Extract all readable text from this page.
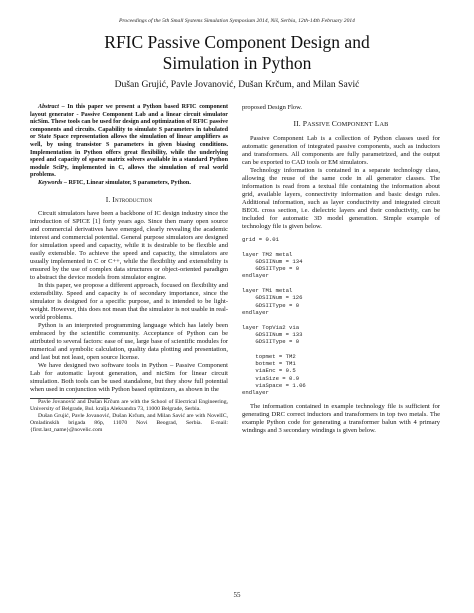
Proceedings of the 5th Small Systems Simulation Symposium 2014, Niš, Serbia, 12th-14th February 2014
RFIC Passive Component Design and
Simulation in Python
Dušan Grujić, Pavle Jovanović, Dušan Krčum, and Milan Savić

Abstract – In this paper we present a Python based RFIC component layout generator - Passive Component Lab and a linear circuit simulator nicSim. These tools can be used for design and optimization of RFIC passive components and circuits. Capability to simulate S parameters in tabulated or State Space representation allows the simulation of linear amplifiers as well, by using transistor S parameters in given biasing conditions. Implementation in Python offers great flexibility, while the underlying speed and capacity of sparse matrix solvers available in a standard Python module SciPy, implemented in C, allows the simulation of real world problems.

Keywords – RFIC, Linear simulator, S parameters, Python.

I. Introduction

Circuit simulators have been a backbone of IC design industry since the introduction of SPICE [1] forty years ago. Since then many open source and commercial derivatives have emerged, clearly revealing the academic interest and commercial potential. General purpose simulators are designed for simulation speed and capacity, while it is desirable to be flexible and easily extensible. To achieve the speed and capacity, the simulators are usually implemented in C or C++, while the flexibility and extensibility is ensured by the use of complex data structures or object-oriented paradigm to abstract the device models from simulator engine.

In this paper, we propose a different approach, focused on flexibility and extensibility. Speed and capacity is of secondary importance, since the simulator is designed for a specific purpose, and is intended to be light-weight. However, this does not mean that the simulator is not usable in real-world problems.

Python is an interpreted programming language which has lately been embraced by the scientific community. Acceptance of Python can be attributed to several factors: ease of use, large base of scientific modules for numerical and symbolic calculation, quality data plotting and presentation, and last but not least, open source license.

We have designed two software tools in Python – Passive Component Lab for automatic layout generation, and nicSim for linear circuit simulation. Both tools can be used standalone, but they show full potential when used in conjunction with Python based optimizers, as shown in the

Pavle Jovanović and Dušan Krčum are with the School of Electrical Engineering, University of Belgrade, Bul. kralja Aleksandra 73, 11000 Belgrade, Serbia.

Dušan Grujić, Pavle Jovanović, Dušan Krčum, and Milan Savić are with NovelIC, Omladinskih brigada 86p, 11070 Novi Beograd, Serbia. E-mail: {first.last_name}@novelic.com

proposed Design Flow.

II. PASSIVE COMPONENT LAB

Passive Component Lab is a collection of Python classes used for automatic generation of integrated passive components, such as inductors and transformers. All components are fully parametrized, and the output can be exported to CAD tools or EM simulators.

Technology information is contained in a separate technology class, allowing the reuse of the same code in all generator classes. The information is read from a textual file containing the information about grid, available layers, connectivity information and basic design rules. Additional information, such as layer conductivity and integrated circuit BEOL cross section, i.e. dielectric layers and their conductivity, can be included for automatic 3D model generation. Simple example of technology file is given below.

grid = 0.01

layer TM2 metal
GDSIINum = 134
GDSIIType = 0
endlayer

layer TM1 metal
GDSIINum = 126
GDSIIType = 0
endlayer

layer TopVia2 via
GDSIINum = 133
GDSIIType = 0

topmet = TM2
botmet = TM1
viaEnc = 0.5
viaSize = 0.9
viaSpace = 1.06
endlayer

The information contained in example technology file is sufficient for generating DRC correct inductors and transformers in top two metals. The example Python code for generating a transformer balun with 4 primary windings and 3 secondary windings is given below.

55
